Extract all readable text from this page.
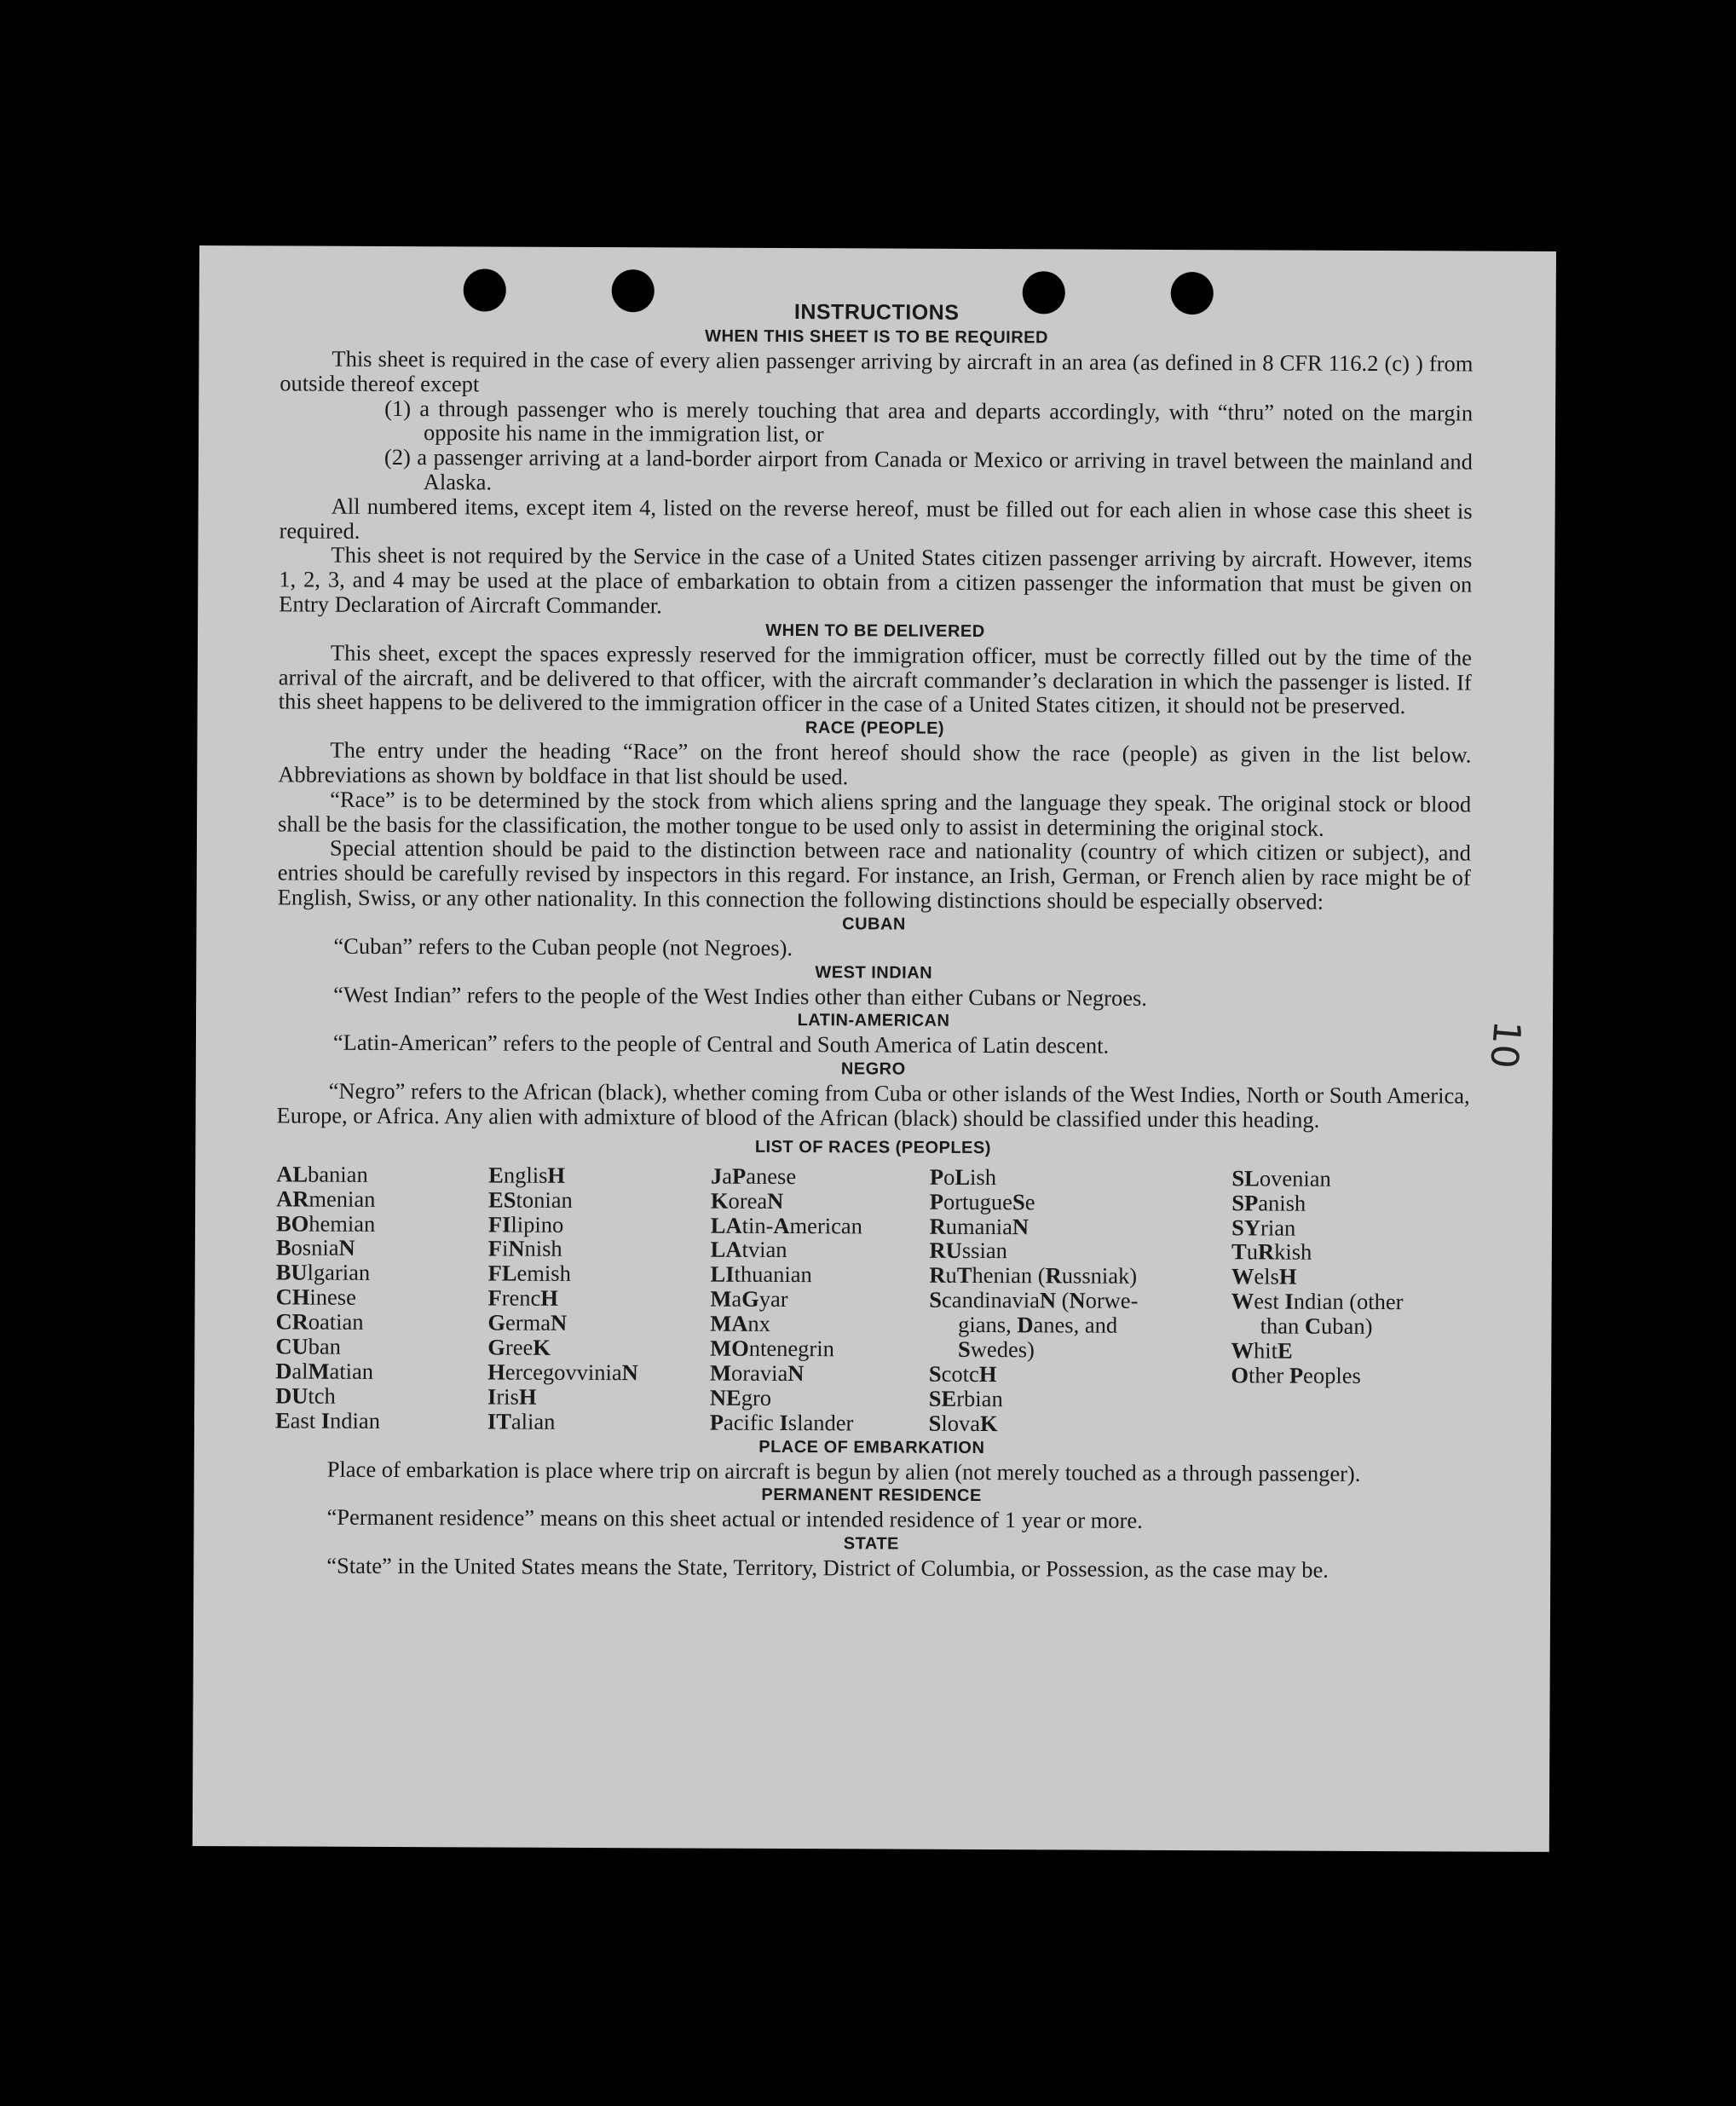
INSTRUCTIONS
WHEN THIS SHEET IS TO BE REQUIRED

This sheet is required in the case of every alien passenger arriving by aircraft in an area (as defined in 8 CFR 116.2 (c) ) from outside thereof except

(1) a through passenger who is merely touching that area and departs accordingly, with “thru” noted on the margin opposite his name in the immigration list, or

(2) a passenger arriving at a land-border airport from Canada or Mexico or arriving in travel between the mainland and Alaska.

All numbered items, except item 4, listed on the reverse hereof, must be filled out for each alien in whose case this sheet is required.

This sheet is not required by the Service in the case of a United States citizen passenger arriving by aircraft. However, items 1, 2, 3, and 4 may be used at the place of embarkation to obtain from a citizen passenger the information that must be given on Entry Declaration of Aircraft Commander.

WHEN TO BE DELIVERED

This sheet, except the spaces expressly reserved for the immigration officer, must be correctly filled out by the time of the arrival of the aircraft, and be delivered to that officer, with the aircraft commander’s declaration in which the passenger is listed. If this sheet happens to be delivered to the immigration officer in the case of a United States citizen, it should not be preserved.

RACE (PEOPLE)

The entry under the heading “Race” on the front hereof should show the race (people) as given in the list below. Abbreviations as shown by boldface in that list should be used.

“Race” is to be determined by the stock from which aliens spring and the language they speak. The original stock or blood shall be the basis for the classification, the mother tongue to be used only to assist in determining the original stock.

Special attention should be paid to the distinction between race and nationality (country of which citizen or subject), and entries should be carefully revised by inspectors in this regard. For instance, an Irish, German, or French alien by race might be of English, Swiss, or any other nationality. In this connection the following distinctions should be especially observed:

CUBAN

“Cuban” refers to the Cuban people (not Negroes).

WEST INDIAN

“West Indian” refers to the people of the West Indies other than either Cubans or Negroes.

LATIN-AMERICAN

“Latin-American” refers to the people of Central and South America of Latin descent.

NEGRO

“Negro” refers to the African (black), whether coming from Cuba or other islands of the West Indies, North or South America, Europe, or Africa. Any alien with admixture of blood of the African (black) should be classified under this heading.

LIST OF RACES (PEOPLES)
ALbanian
ARmenian
BOhemian
BosniaN
BUlgarian
CHinese
CRoatian
CUban
DalMatian
DUtch
East Indian
EnglisH
EStonian
FIlipino
FiNnish
FLemish
FrencH
GermaN
GreeK
HercegovviniaN
IrisH
ITalian
JaPanese
KoreaN
LAtin-American
LAtvian
LIthuanian
MaGyar
MAnx
MOntenegrin
MoraviaN
NEgro
Pacific Islander
PoLish
PortugueSe
RumaniaN
RUssian
RuThenian (Russniak)
ScandinaviaN (Norwe-
gians, Danes, and
Swedes)
ScotcH
SErbian
SlovaK
SLovenian
SPanish
SYrian
TuRkish
WelsH
West Indian (other
than Cuban)
WhitE
Other Peoples
PLACE OF EMBARKATION

Place of embarkation is place where trip on aircraft is begun by alien (not merely touched as a through passenger).

PERMANENT RESIDENCE

“Permanent residence” means on this sheet actual or intended residence of 1 year or more.

STATE

“State” in the United States means the State, Territory, District of Columbia, or Possession, as the case may be.

10
